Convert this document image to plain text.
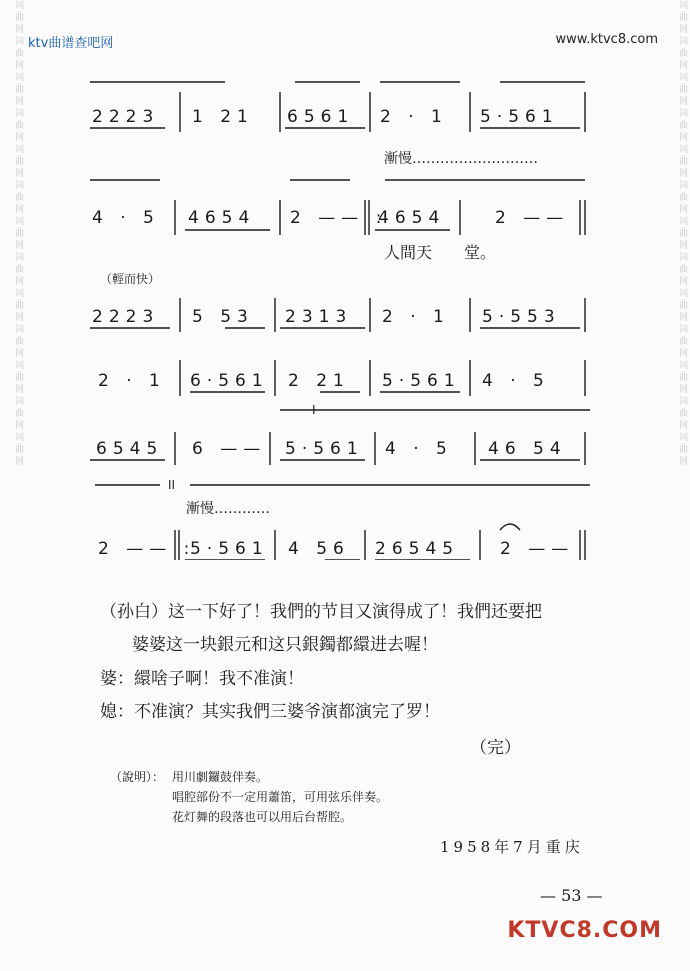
词曲网词曲网词曲网词曲网词曲网词曲网词曲网词曲网词曲网词曲网词曲网词曲网词曲网	词曲网词曲网词曲网词曲网词曲网词曲网词曲网词曲网词曲网词曲网词曲网词曲网词曲网
ktv曲谱查吧网	www.ktvc8.com
2223 1 21 6561 2 · 1 5·561
4 · 5 4654 2 —— :
4654	2 ——
2223 5 53 2313 2 · 1 5·553
2 · 1 6·561 2 21 5·561 4 · 5
6545 6 —— 5·561 4 · 5 46 54
2 —— :
5·561 4 56 26545 2 ——
I
II
漸慢………………………
人間天　　堂。
（輕而快）
漸慢…………
（孙白）这一下好了！我們的节目又演得成了！我們还要把
婆婆这一块銀元和这只銀鐲都繯进去喔！
婆：繯啥子啊！我不准演！
媳：不准演？其实我們三婆爷演都演完了罗！
（完）
（說明）： 用川劇鑼鼓伴奏。
唱腔部份不一定用蕭笛，可用弦乐伴奏。
花灯舞的段落也可以用后台帮腔。
1958年7月重庆
— 53 —
KTVC8.COM
